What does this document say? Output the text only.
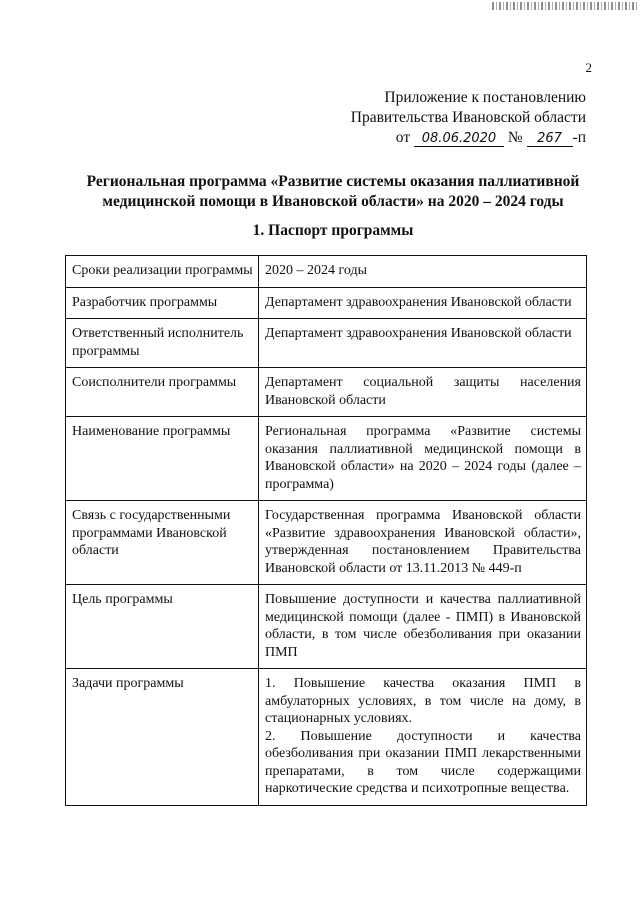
2
Приложение к постановлению
Правительства Ивановской области
от 08.06.2020 № 267 -п
Региональная программа «Развитие системы оказания паллиативной медицинской помощи в Ивановской области» на 2020 – 2024 годы
1. Паспорт программы
Сроки реализации программы	2020 – 2024 годы

Разработчик программы	Департамент здравоохранения Ивановской области

Ответственный исполнитель программы	Департамент здравоохранения Ивановской области

Соисполнители программы	Департамент социальной защиты населения Ивановской области

Наименование программы	Региональная программа «Развитие системы оказания паллиативной медицинской помощи в Ивановской области» на 2020 – 2024 годы (далее – программа)

Связь с государственными программами Ивановской области	Государственная программа Ивановской области «Развитие здравоохранения Ивановской области», утвержденная постановлением Правительства Ивановской области от 13.11.2013 № 449-п

Цель программы	Повышение доступности и качества паллиативной медицинской помощи (далее - ПМП) в Ивановской области, в том числе обезболивания при оказании ПМП

Задачи программы	1. Повышение качества оказания ПМП в амбулаторных условиях, в том числе на дому, в стационарных условиях.

2. Повышение доступности и качества обезболивания при оказании ПМП лекарственными препаратами, в том числе содержащими наркотические средства и психотропные вещества.
